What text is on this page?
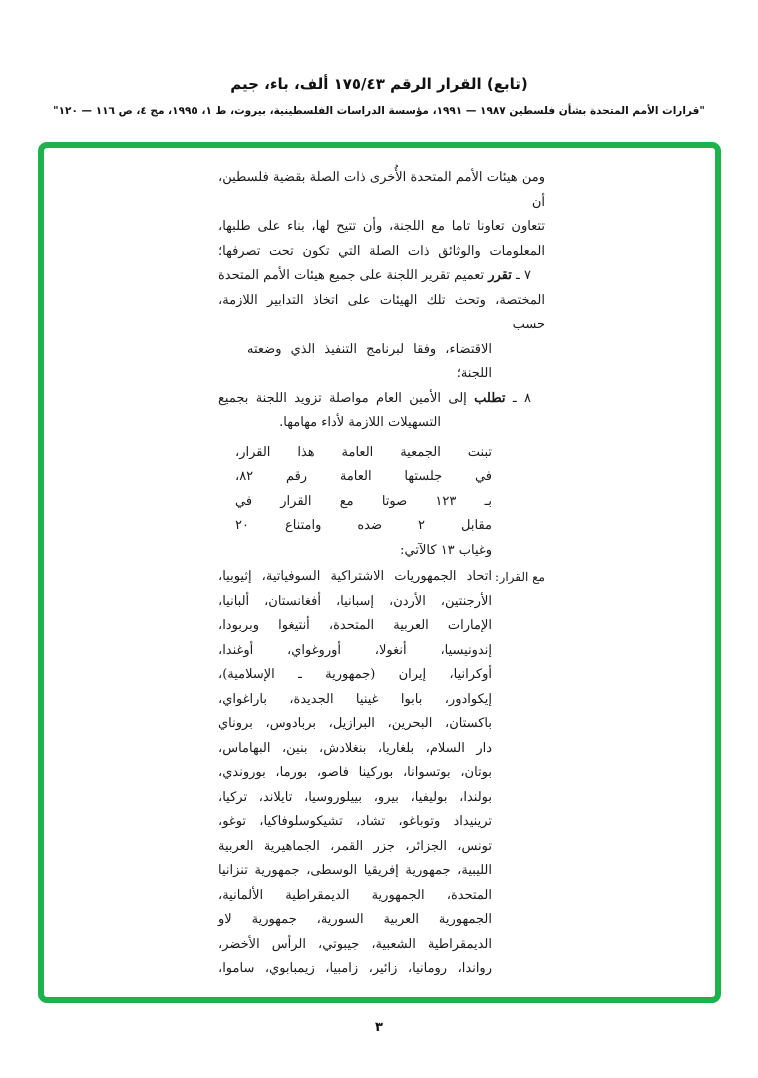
(تابع) القرار الرقم ١٧٥/٤٣ ألف، باء، جيم
"قرارات الأمم المتحدة بشأن فلسطين ١٩٨٧ — ١٩٩١، مؤسسة الدراسات الفلسطينية، بيروت، ط ١، ١٩٩٥، مج ٤، ص ١١٦ — ١٢٠"
ومن هيئات الأمم المتحدة الأُخرى ذات الصلة بقضية فلسطين، أن
تتعاون تعاونا تاما مع اللجنة، وأن تتيح لها، بناء على طلبها،
المعلومات والوثائق ذات الصلة التي تكون تحت تصرفها؛
٧ ـ تقرر تعميم تقرير اللجنة على جميع هيئات الأمم المتحدة
المختصة، وتحث تلك الهيئات على اتخاذ التدابير اللازمة، حسب
الاقتضاء، وفقا لبرنامج التنفيذ الذي وضعته اللجنة؛
٨ ـ تطلب إلى الأمين العام مواصلة تزويد اللجنة بجميع
التسهيلات اللازمة لأداء مهامها.
تبنت الجمعية العامة هذا القرار،
في جلستها العامة رقم ٨٢،
بـ ١٢٣ صوتا مع القرار في
مقابل ٢ ضده وامتناع ٢٠
وغياب ١٣ كالآتي:
مع القرار
:
اتحاد الجمهوريات الاشتراكية السوفياتية، إثيوبيا،
الأرجنتين، الأردن، إسبانيا، أفغانستان، ألبانيا،
الإمارات العربية المتحدة، أنتيغوا وبربودا،
إندونيسيا، أنغولا، أوروغواي، أوغندا،
أوكرانيا، إيران (جمهورية ـ الإسلامية)،
إيكوادور، بابوا غينيا الجديدة، باراغواي،
باكستان، البحرين، البرازيل، بربادوس، بروناي
دار السلام، بلغاريا، بنغلادش، بنين، البهاماس،
بوتان، بوتسوانا، بوركينا فاصو، بورما، بوروندي،
بولندا، بوليفيا، بيرو، بييلوروسيا، تايلاند، تركيا،
ترينيداد وتوباغو، تشاد، تشيكوسلوفاكيا، توغو،
تونس، الجزائر، جزر القمر، الجماهيرية العربية
الليبية، جمهورية إفريقيا الوسطى، جمهورية تنزانيا
المتحدة، الجمهورية الديمقراطية الألمانية،
الجمهورية العربية السورية، جمهورية لاو
الديمقراطية الشعبية، جيبوتي، الرأس الأخضر،
رواندا، رومانيا، زائير، زامبيا، زيمبابوي، ساموا،
٣
